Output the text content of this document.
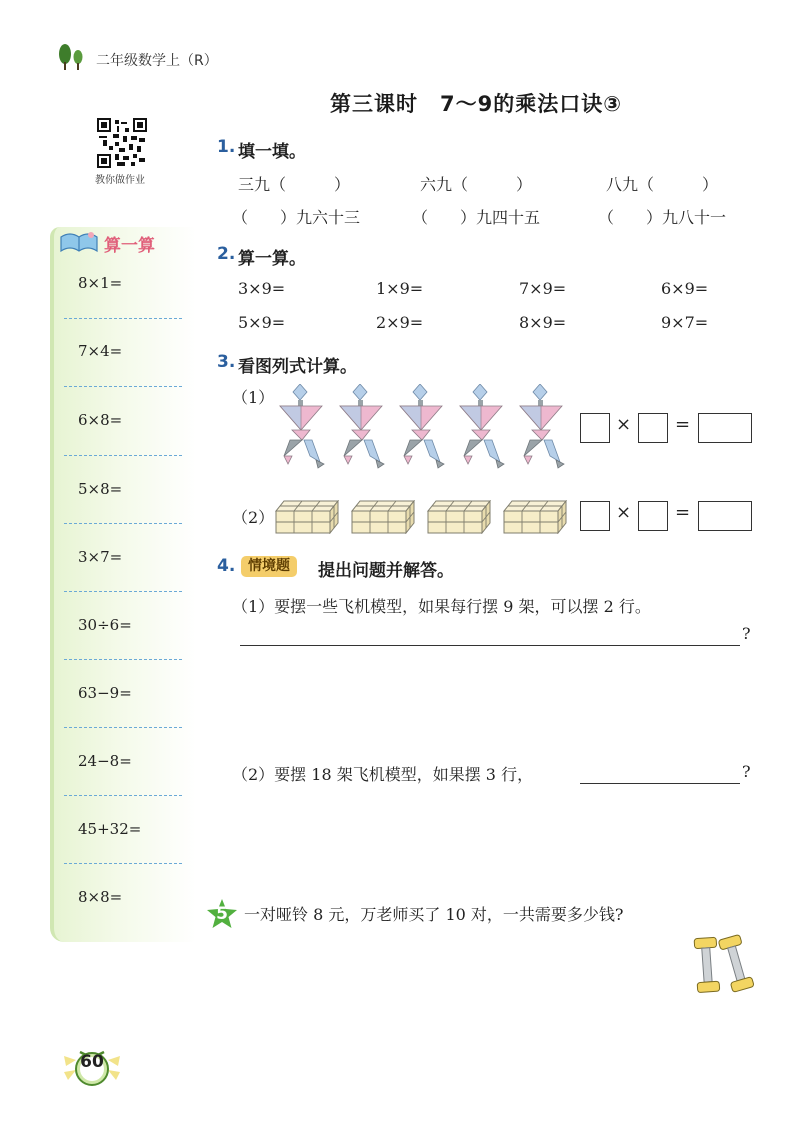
二年级数学上（R）
第三课时　7～9的乘法口诀③
教你做作业
算一算
8×1=
7×4=
6×8=
5×8=
3×7=
30÷6=
63−9=
24−8=
45+32=
8×8=
1. 填一填。
三九（　　　）	六九（　　　）	八九（　　　）
（　　）九六十三	（　　）九四十五	（　　）九八十一
2. 算一算。
3×9=	1×9=	7×9=	6×9=
5×9=	2×9=	8×9=	9×7=
3. 看图列式计算。
（1）
× =
（2）	× =
4. 情境题	提出问题并解答。
（1）要摆一些飞机模型，如果每行摆 9 架，可以摆 2 行。
?
（2）要摆 18 架飞机模型，如果摆 3 行，	?
5	一对哑铃 8 元，万老师买了 10 对，一共需要多少钱?
60
